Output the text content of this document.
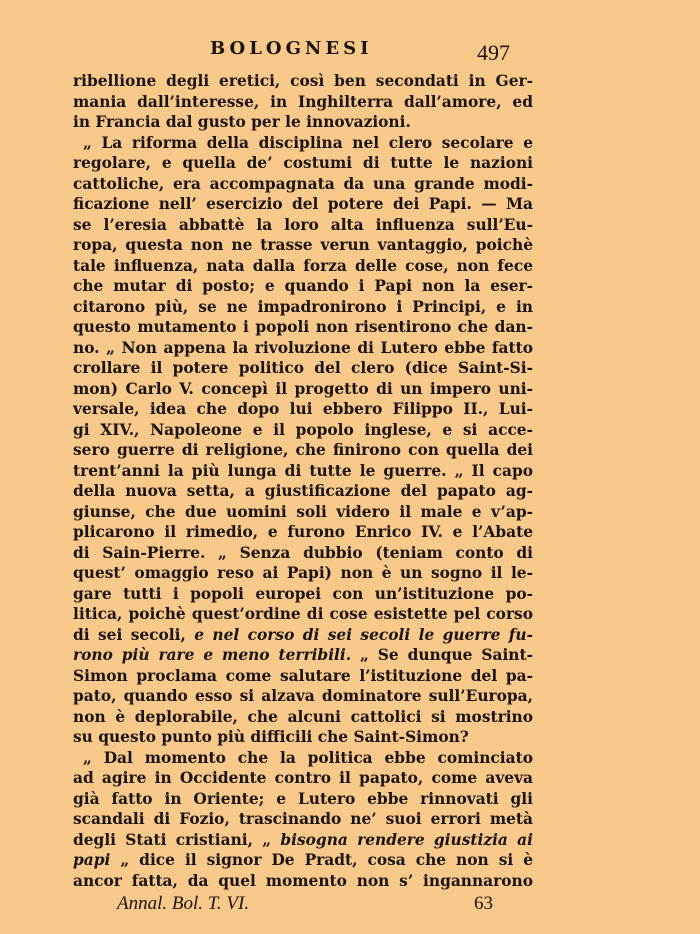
BOLOGNESI	497
ribellione degli eretici, così ben secondati in Ger-
mania dall’interesse, in Inghilterra dall’amore, ed
in Francia dal gusto per le innovazioni.
„ La riforma della disciplina nel clero secolare e
regolare, e quella de’ costumi di tutte le nazioni
cattoliche, era accompagnata da una grande modi-
ficazione nell’ esercizio del potere dei Papi. — Ma
se l’eresia abbattè la loro alta influenza sull’Eu-
ropa, questa non ne trasse verun vantaggio, poichè
tale influenza, nata dalla forza delle cose, non fece
che mutar di posto; e quando i Papi non la eser-
citarono più, se ne impadronirono i Principi, e in
questo mutamento i popoli non risentirono che dan-
no. „ Non appena la rivoluzione di Lutero ebbe fatto
crollare il potere politico del clero (dice Saint-Si-
mon) Carlo V. concepì il progetto di un impero uni-
versale, idea che dopo lui ebbero Filippo II., Lui-
gi XIV., Napoleone e il popolo inglese, e si acce-
sero guerre di religione, che finirono con quella dei
trent’anni la più lunga di tutte le guerre. „ Il capo
della nuova setta, a giustificazione del papato ag-
giunse, che due uomini soli videro il male e v’ap-
plicarono il rimedio, e furono Enrico IV. e l’Abate
di Sain-Pierre. „ Senza dubbio (teniam conto di
quest’ omaggio reso ai Papi) non è un sogno il le-
gare tutti i popoli europei con un’istituzione po-
litica, poichè quest’ordine di cose esistette pel corso
di sei secoli, e nel corso di sei secoli le guerre fu-
rono più rare e meno terribili. „ Se dunque Saint-
Simon proclama come salutare l’istituzione del pa-
pato, quando esso si alzava dominatore sull’Europa,
non è deplorabile, che alcuni cattolici si mostrino
su questo punto più difficili che Saint-Simon?
„ Dal momento che la politica ebbe cominciato
ad agire in Occidente contro il papato, come aveva
già fatto in Oriente; e Lutero ebbe rinnovati gli
scandali di Fozio, trascinando ne’ suoi errori metà
degli Stati cristiani, „ bisogna rendere giustizia ai
papi „ dice il signor De Pradt, cosa che non si è
ancor fatta, da quel momento non s’ ingannarono
Annal. Bol. T. VI.	63
